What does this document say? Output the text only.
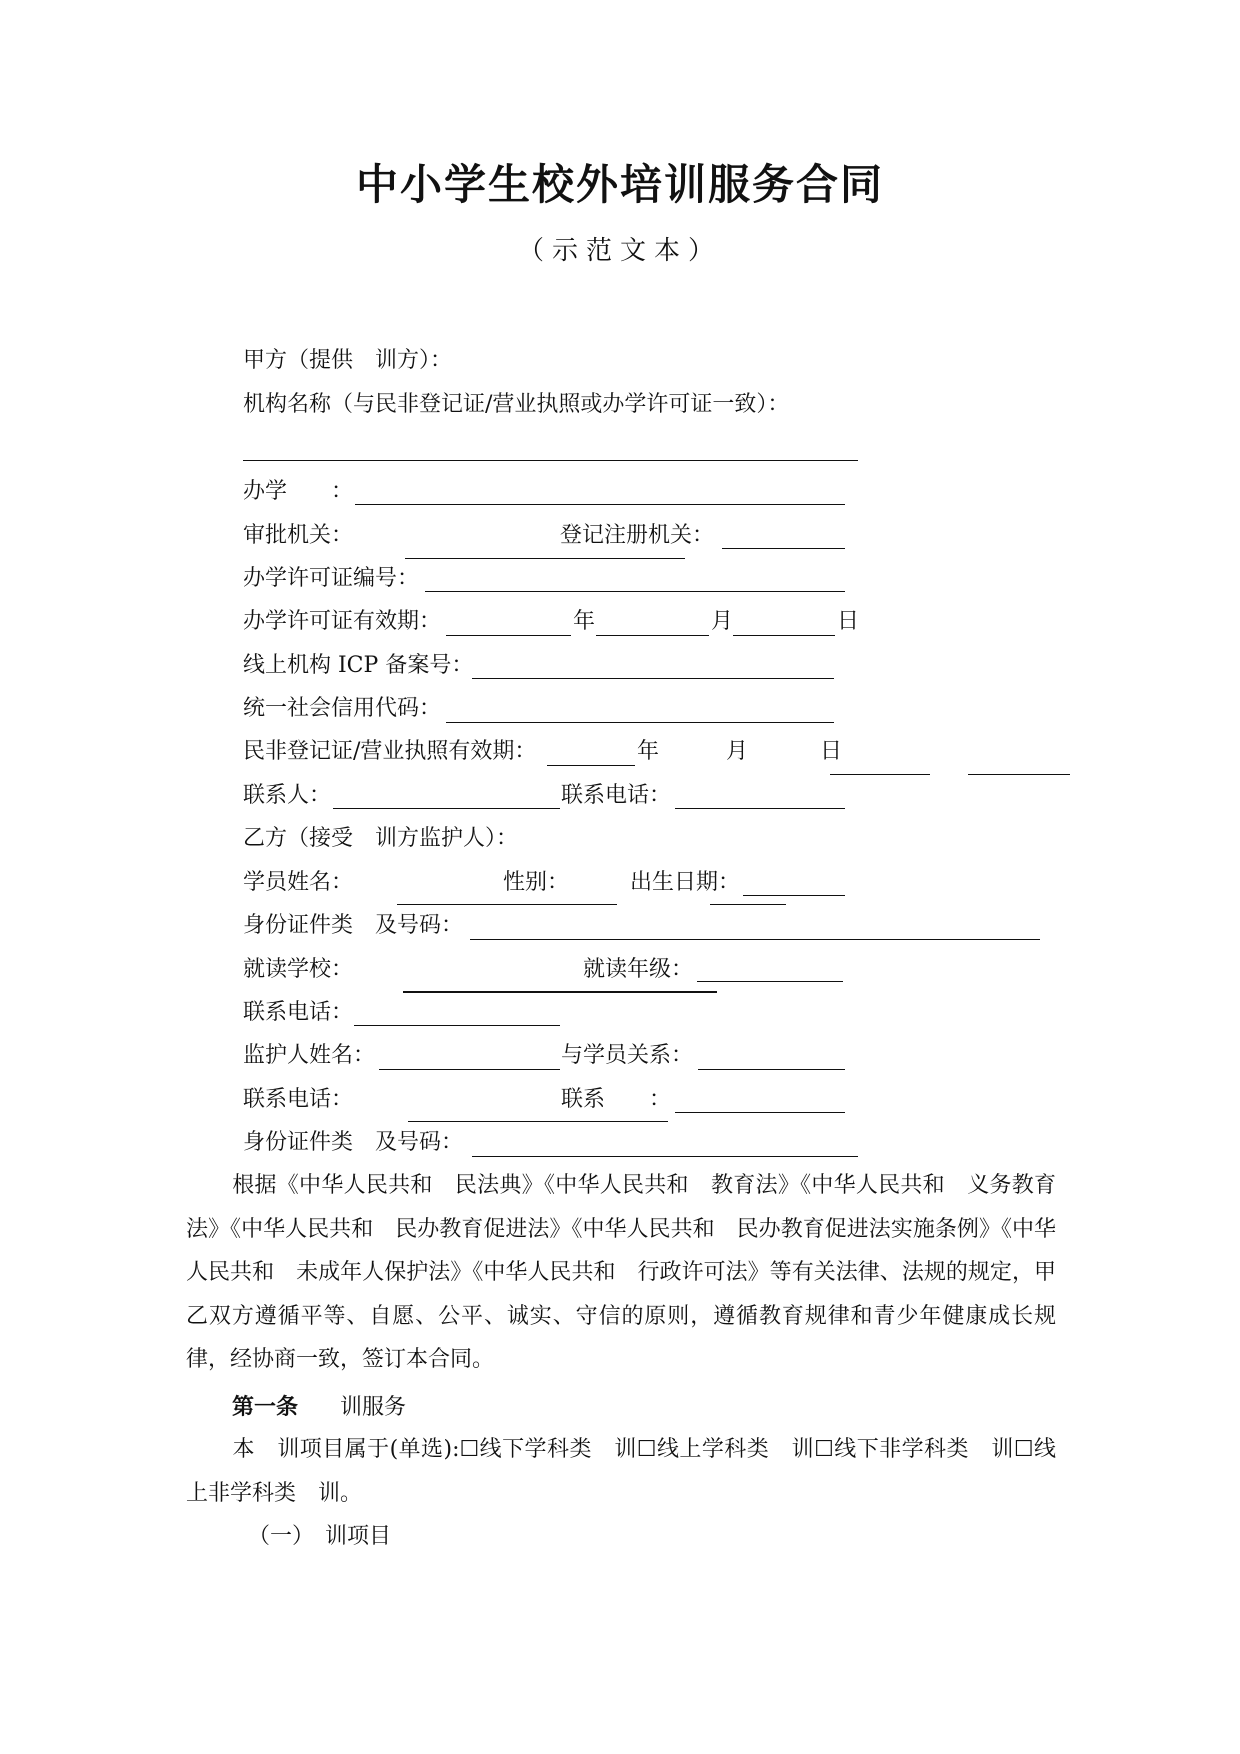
中小学生校外培训服务合同
（示范文本）
甲方（提供　训方）：
机构名称（与民非登记证/营业执照或办学许可证一致）：
办学　　：
审批机关：	登记注册机关：
办学许可证编号：
办学许可证有效期：	年	月	日
线上机构 ICP 备案号：
统一社会信用代码：
民非登记证/营业执照有效期：	年	月	日
联系人：	联系电话：
乙方（接受　训方监护人）：
学员姓名：	性别：	出生日期：
身份证件类　及号码：
就读学校：	就读年级：
联系电话：
监护人姓名：	与学员关系：
联系电话：	联系　　：
身份证件类　及号码：
根据《中华人民共和　民法典》《中华人民共和　教育法》《中华人民共和　义务教育法》《中华人民共和　民办教育促进法》《中华人民共和　民办教育促进法实施条例》《中华人民共和　未成年人保护法》《中华人民共和　行政许可法》等有关法律、法规的规定，甲乙双方遵循平等、自愿、公平、诚实、守信的原则，遵循教育规律和青少年健康成长规律，经协商一致，签订本合同。
第一条　训服务
本　训项目属于(单选):☐线下学科类　训☐线上学科类　训☐线下非学科类　训☐线上非学科类　训。
（一）　训项目
